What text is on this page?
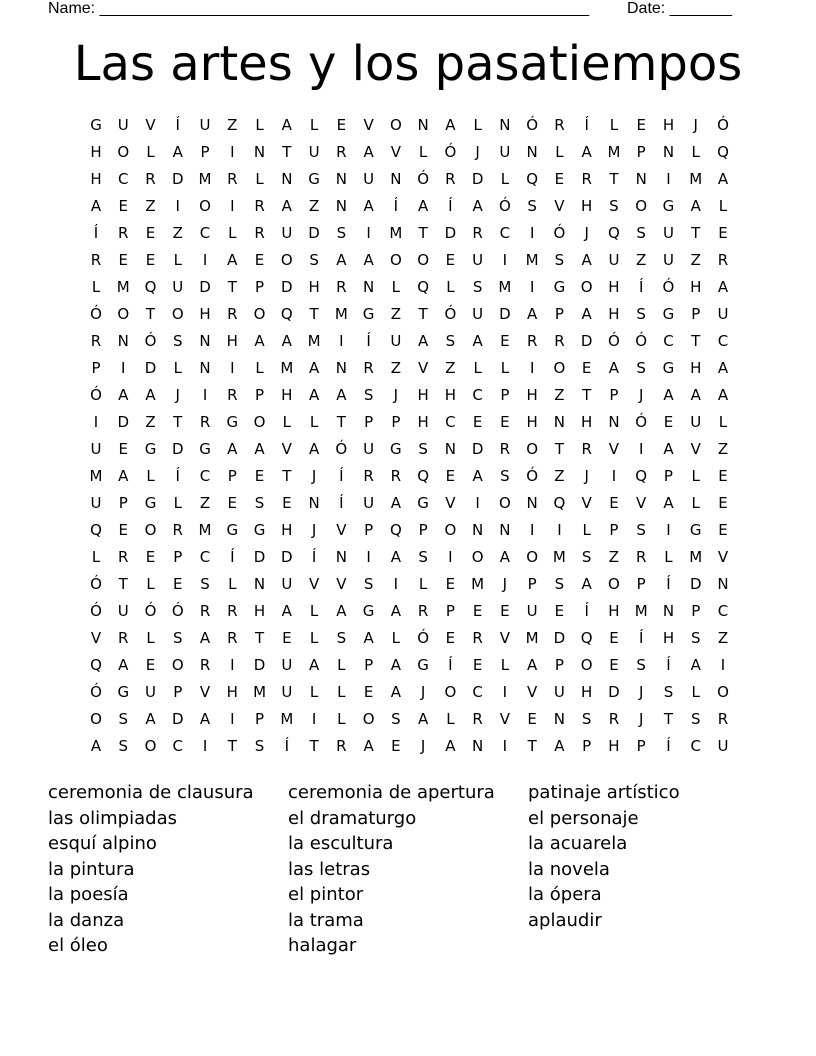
Name: _______________________________________________________ Date: _______
Las artes y los pasatiempos
G	U	V	Í	U	Z	L	A	L	E	V	O N	A	L	N Ó	R	Í	L	E	H	J	Ó
H O	L	A	P	I	N	T	U	R	A	V	L	Ó	J	U	N	L	A	M	P	N	L	Q
H	C	R	D M	R	L	N G N	U	N Ó	R	D	L	Q	E	R	T	N	I	M	A
A	E	Z	I	O	I	R	A	Z	N	A	Í	A	Í	A	Ó	S	V	H	S	O G	A	L
Í	R	E	Z	C	L	R	U	D	S	I	M	T	D	R	C	I	Ó	J	Q	S	U	T	E
R	E	E	L	I	A	E	O	S	A	A	O O	E	U	I	M	S	A	U	Z	U	Z	R
L	M Q	U	D	T	P	D H	R	N	L	Q	L	S	M	I	G O H	Í	Ó H	A
Ó O	T	O H	R	O Q	T	M G	Z	T	Ó	U	D	A	P	A	H	S	G	P	U
R	N Ó	S	N H	A	A	M	I	Í	U	A	S	A	E	R	R	D Ó Ó	C	T	C
P	I	D	L	N	I	L	M	A	N	R	Z	V	Z	L	L	I	O	E	A	S	G H	A
Ó	A	A	J	I	R	P	H	A	A	S	J	H H	C	P	H	Z	T	P	J	A	A	A
I	D	Z	T	R	G O	L	L	T	P	P	H	C	E	E	H N H N Ó	E	U	L
U	E	G D G	A	A	V	A	Ó	U	G	S	N D	R	O	T	R	V	I	A	V	Z
M	A	L	Í	C	P	E	T	J	Í	R	R	Q	E	A	S	Ó	Z	J	I	Q	P	L	E
U	P	G	L	Z	E	S	E	N	Í	U	A	G	V	I	O N Q	V	E	V	A	L	E
Q	E	O	R	M G G H	J	V	P	Q	P	O N N	I	I	L	P	S	I	G	E
L	R	E	P	C	Í	D D	Í	N	I	A	S	I	O	A	O M	S	Z	R	L	M	V
Ó	T	L	E	S	L	N	U	V	V	S	I	L	E	M	J	P	S	A	O	P	Í	D N
Ó	U	Ó Ó	R	R	H	A	L	A	G	A	R	P	E	E	U	E	Í	H M N	P	C
V	R	L	S	A	R	T	E	L	S	A	L	Ó	E	R	V	M D Q	E	Í	H	S	Z
Q	A	E	O	R	I	D	U	A	L	P	A	G	Í	E	L	A	P	O	E	S	Í	A	I
Ó G	U	P	V	H M	U	L	L	E	A	J	O	C	I	V	U	H D	J	S	L	O
O	S	A	D	A	I	P	M	I	L	O	S	A	L	R	V	E	N	S	R	J	T	S	R
A	S	O	C	I	T	S	Í	T	R	A	E	J	A	N	I	T	A	P	H	P	Í	C	U
ceremonia de clausura
las olimpiadas
esquí alpino
la pintura
la poesía
la danza
el óleo
ceremonia de apertura
el dramaturgo
la escultura
las letras
el pintor
la trama
halagar
patinaje artístico
el personaje
la acuarela
la novela
la ópera
aplaudir
